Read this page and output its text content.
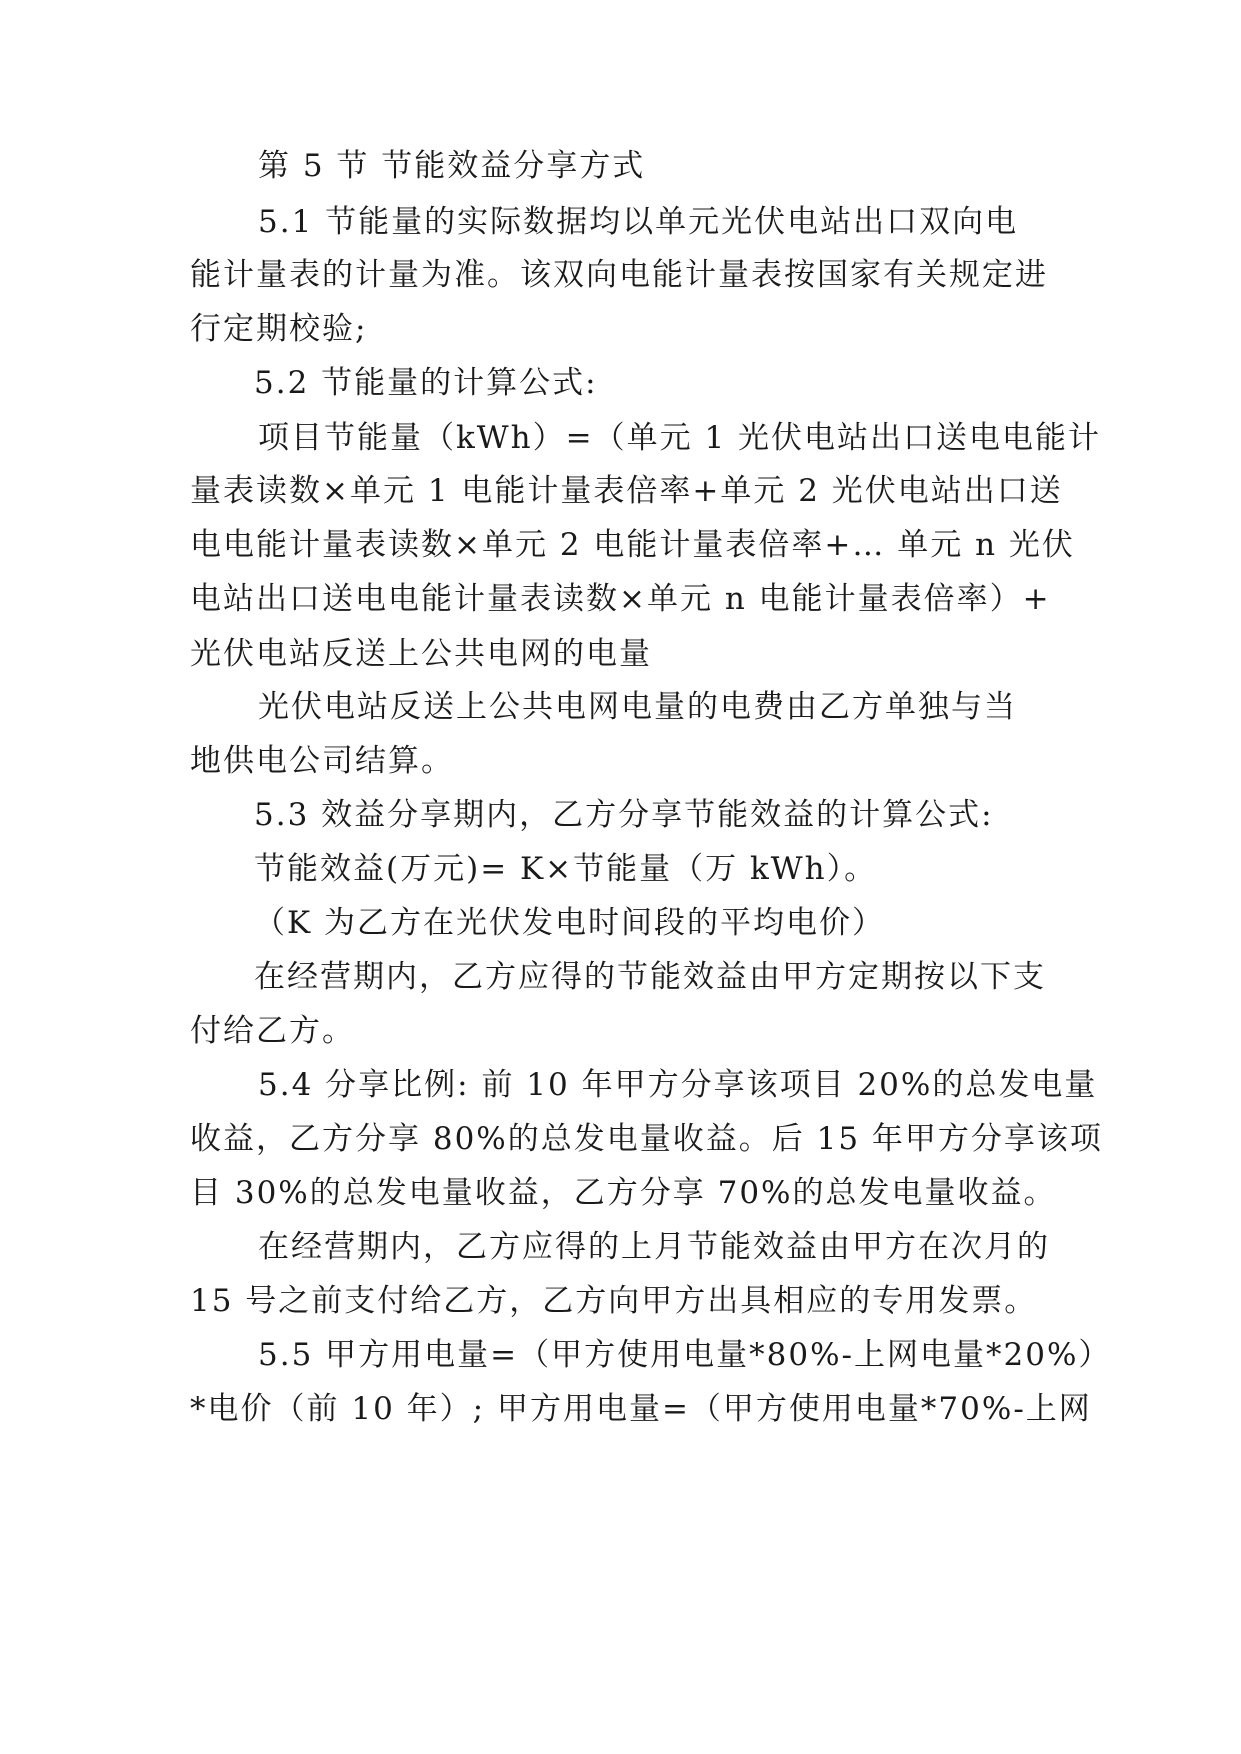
第 5 节 节能效益分享方式
5.1 节能量的实际数据均以单元光伏电站出口双向电
能计量表的计量为准。该双向电能计量表按国家有关规定进
行定期校验;
5.2 节能量的计算公式:
项目节能量（kWh）=（单元 1 光伏电站出口送电电能计
量表读数×单元 1 电能计量表倍率+单元 2 光伏电站出口送
电电能计量表读数×单元 2 电能计量表倍率+… 单元 n 光伏
电站出口送电电能计量表读数×单元 n 电能计量表倍率）+
光伏电站反送上公共电网的电量
光伏电站反送上公共电网电量的电费由乙方单独与当
地供电公司结算。
5.3 效益分享期内，乙方分享节能效益的计算公式:
节能效益(万元)= K×节能量（万 kWh）。
（K 为乙方在光伏发电时间段的平均电价）
在经营期内，乙方应得的节能效益由甲方定期按以下支
付给乙方。
5.4 分享比例: 前 10 年甲方分享该项目 20%的总发电量
收益，乙方分享 80%的总发电量收益。后 15 年甲方分享该项
目 30%的总发电量收益，乙方分享 70%的总发电量收益。
在经营期内，乙方应得的上月节能效益由甲方在次月的
15 号之前支付给乙方，乙方向甲方出具相应的专用发票。
5.5 甲方用电量=（甲方使用电量*80%-上网电量*20%）
*电价（前 10 年）; 甲方用电量=（甲方使用电量*70%-上网
